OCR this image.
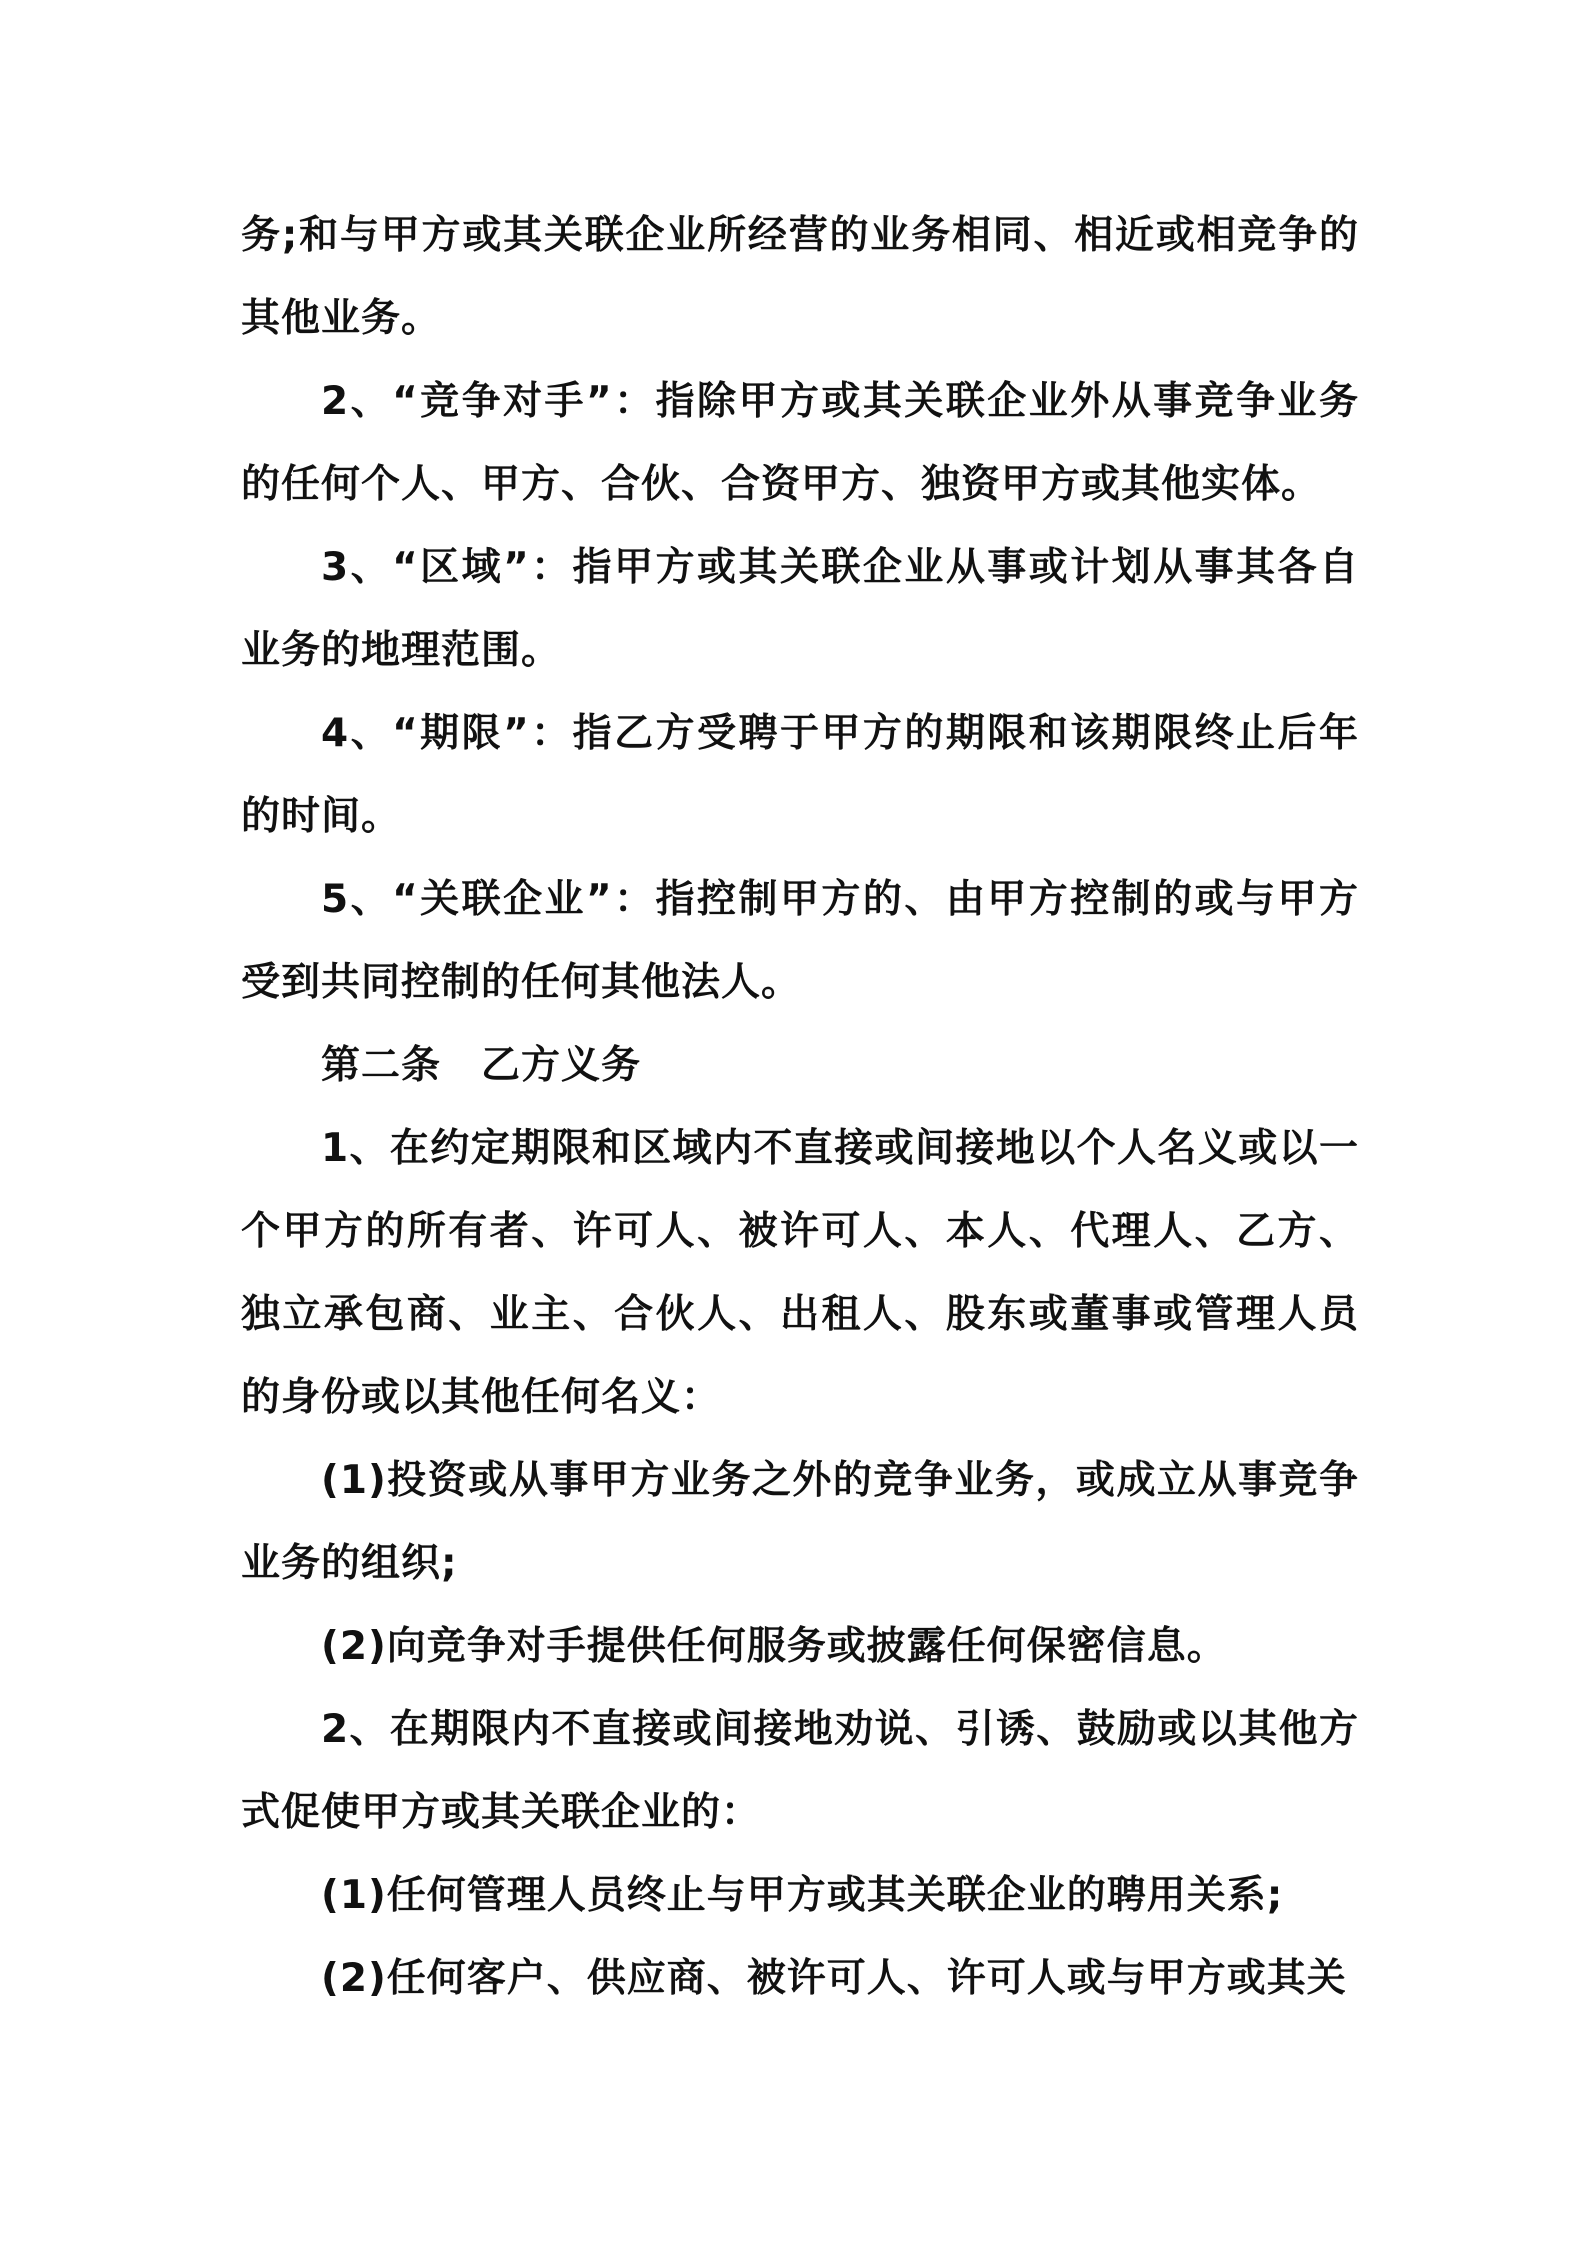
务;和与甲方或其关联企业所经营的业务相同、相近或相竞争的其他业务。

2、“竞争对手”：指除甲方或其关联企业外从事竞争业务的任何个人、甲方、合伙、合资甲方、独资甲方或其他实体。

3、“区域”：指甲方或其关联企业从事或计划从事其各自业务的地理范围。

4、“期限”：指乙方受聘于甲方的期限和该期限终止后年的时间。

5、“关联企业”：指控制甲方的、由甲方控制的或与甲方受到共同控制的任何其他法人。

第二条　乙方义务

1、在约定期限和区域内不直接或间接地以个人名义或以一个甲方的所有者、许可人、被许可人、本人、代理人、乙方、独立承包商、业主、合伙人、出租人、股东或董事或管理人员的身份或以其他任何名义：

(1)投资或从事甲方业务之外的竞争业务，或成立从事竞争业务的组织;

(2)向竞争对手提供任何服务或披露任何保密信息。

2、在期限内不直接或间接地劝说、引诱、鼓励或以其他方式促使甲方或其关联企业的：

(1)任何管理人员终止与甲方或其关联企业的聘用关系;

(2)任何客户、供应商、被许可人、许可人或与甲方或其关
